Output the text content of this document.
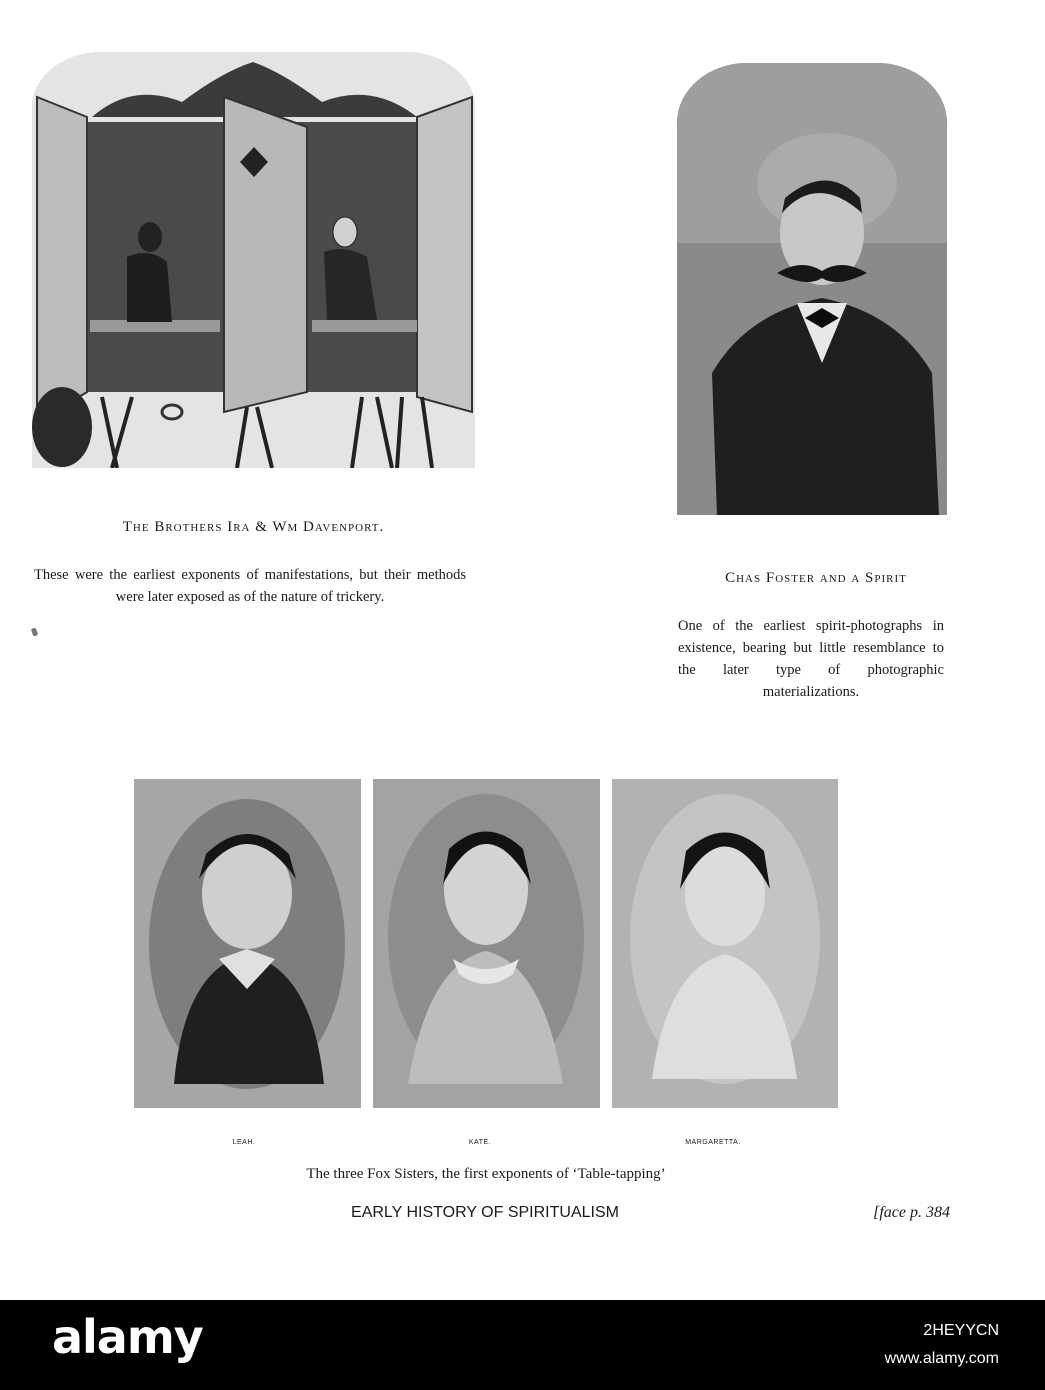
The Brothers Ira & Wm Davenport.
These were the earliest exponents of manifestations, but their methods were later exposed as of the nature of trickery.
Chas Foster and a Spirit
One of the earliest spirit-photographs in existence, bearing but little resemblance to the later type of photographic materializations.
LEAH.	KATE.	MARGARETTA.
The three Fox Sisters, the first exponents of ‘Table-tapping’
EARLY HISTORY OF SPIRITUALISM	[face p. 384
alamy	2HEYYCN
www.alamy.com
